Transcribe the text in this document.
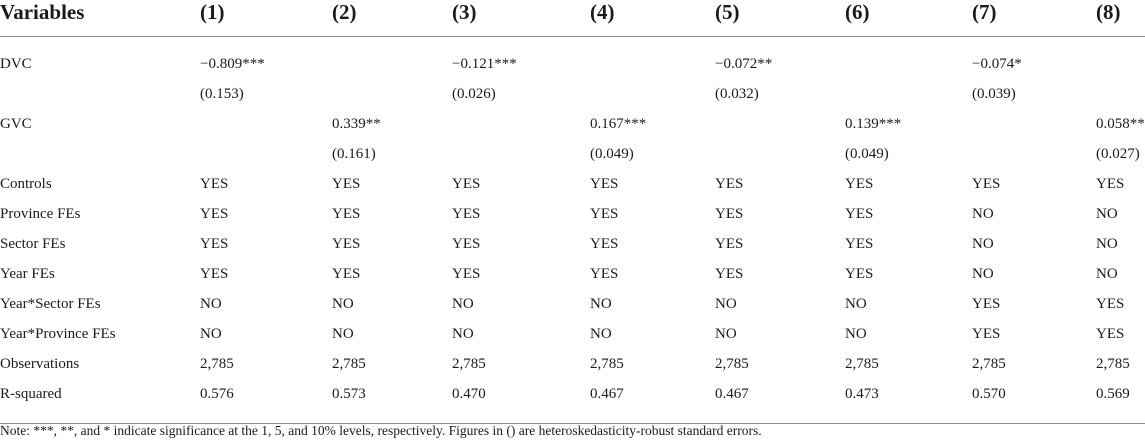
Variables	(1)	(2)	(3)	(4)	(5)	(6)	(7)	(8)

DVC	−0.809***		−0.121***		−0.072**		−0.074*	
	(0.153)		(0.026)		(0.032)		(0.039)	
GVC		0.339**		0.167***		0.139***		0.058**
		(0.161)		(0.049)		(0.049)		(0.027)
Controls	YES	YES	YES	YES	YES	YES	YES	YES
Province FEs	YES	YES	YES	YES	YES	YES	NO	NO
Sector FEs	YES	YES	YES	YES	YES	YES	NO	NO
Year FEs	YES	YES	YES	YES	YES	YES	NO	NO
Year*Sector FEs	NO	NO	NO	NO	NO	NO	YES	YES
Year*Province FEs	NO	NO	NO	NO	NO	NO	YES	YES
Observations	2,785	2,785	2,785	2,785	2,785	2,785	2,785	2,785
R-squared	0.576	0.573	0.470	0.467	0.467	0.473	0.570	0.569

Note: ***, **, and * indicate significance at the 1, 5, and 10% levels, respectively. Figures in () are heteroskedasticity-robust standard errors.
